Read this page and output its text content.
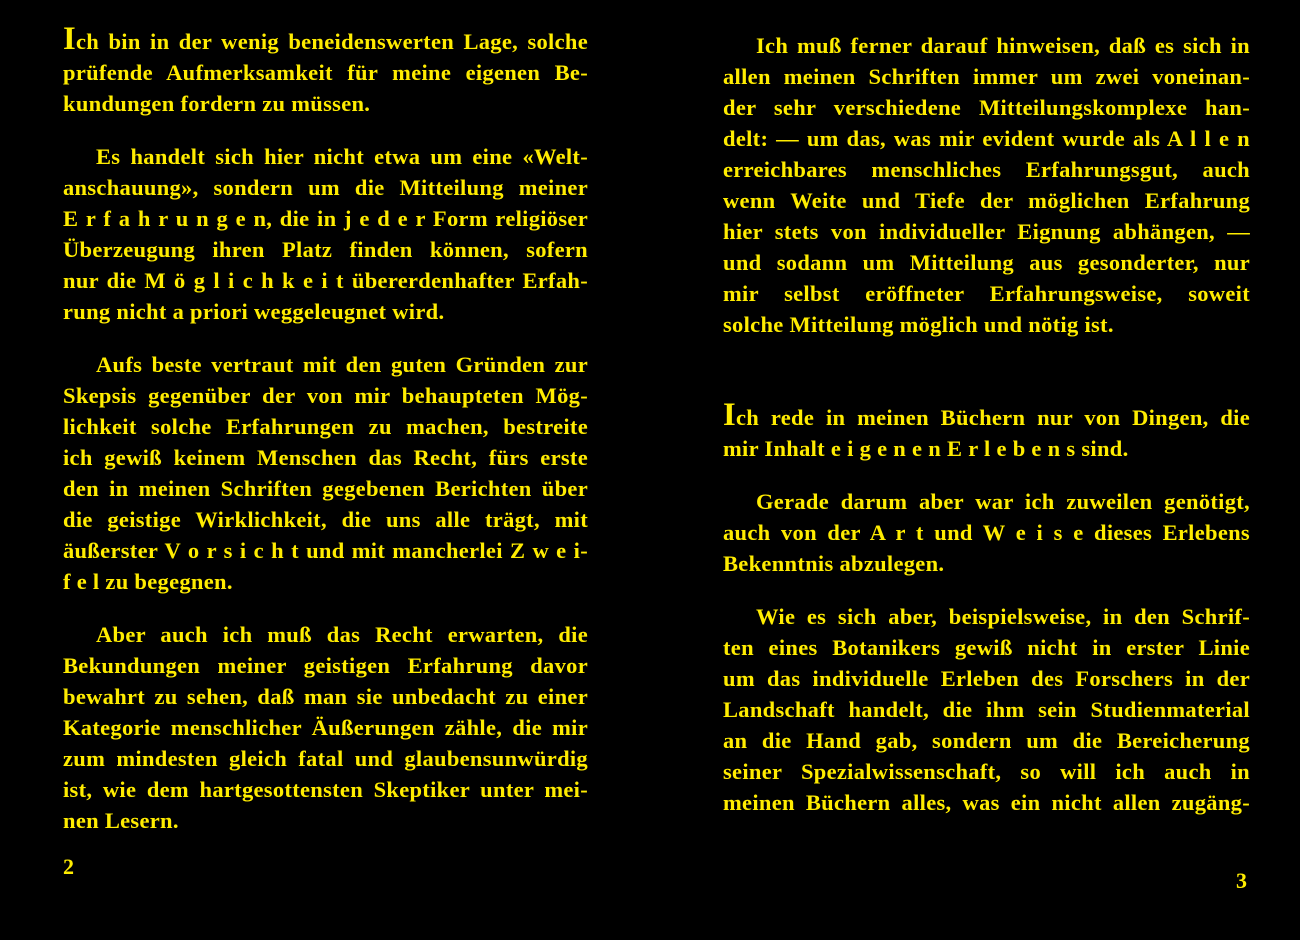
Ich bin in der wenig beneidenswerten Lage, solche
prüfende Aufmerksamkeit für meine eigenen Be-
kundungen fordern zu müssen.
Es handelt sich hier nicht etwa um eine «Welt-
anschauung», sondern um die Mitteilung meiner
E r f a h r u n g e n, die in j e d e r Form religiöser
Überzeugung ihren Platz finden können, sofern
nur die M ö g l i c h k e i t übererdenhafter Erfah-
rung nicht a priori weggeleugnet wird.
Aufs beste vertraut mit den guten Gründen zur
Skepsis gegenüber der von mir behaupteten Mög-
lichkeit solche Erfahrungen zu machen, bestreite
ich gewiß keinem Menschen das Recht, fürs erste
den in meinen Schriften gegebenen Berichten über
die geistige Wirklichkeit, die uns alle trägt, mit
äußerster V o r s i c h t und mit mancherlei Z w e i-
f e l zu begegnen.
Aber auch ich muß das Recht erwarten, die
Bekundungen meiner geistigen Erfahrung davor
bewahrt zu sehen, daß man sie unbedacht zu einer
Kategorie menschlicher Äußerungen zähle, die mir
zum mindesten gleich fatal und glaubensunwürdig
ist, wie dem hartgesottensten Skeptiker unter mei-
nen Lesern.
Ich muß ferner darauf hinweisen, daß es sich in
allen meinen Schriften immer um zwei voneinan-
der sehr verschiedene Mitteilungskomplexe han-
delt: — um das, was mir evident wurde als A l l e n
erreichbares menschliches Erfahrungsgut, auch
wenn Weite und Tiefe der möglichen Erfahrung
hier stets von individueller Eignung abhängen, —
und sodann um Mitteilung aus gesonderter, nur
mir selbst eröffneter Erfahrungsweise, soweit
solche Mitteilung möglich und nötig ist.
Ich rede in meinen Büchern nur von Dingen, die
mir Inhalt e i g e n e n E r l e b e n s sind.
Gerade darum aber war ich zuweilen genötigt,
auch von der A r t und W e i s e dieses Erlebens
Bekenntnis abzulegen.
Wie es sich aber, beispielsweise, in den Schrif-
ten eines Botanikers gewiß nicht in erster Linie
um das individuelle Erleben des Forschers in der
Landschaft handelt, die ihm sein Studienmaterial
an die Hand gab, sondern um die Bereicherung
seiner Spezialwissenschaft, so will ich auch in
meinen Büchern alles, was ein nicht allen zugäng-
2
3
